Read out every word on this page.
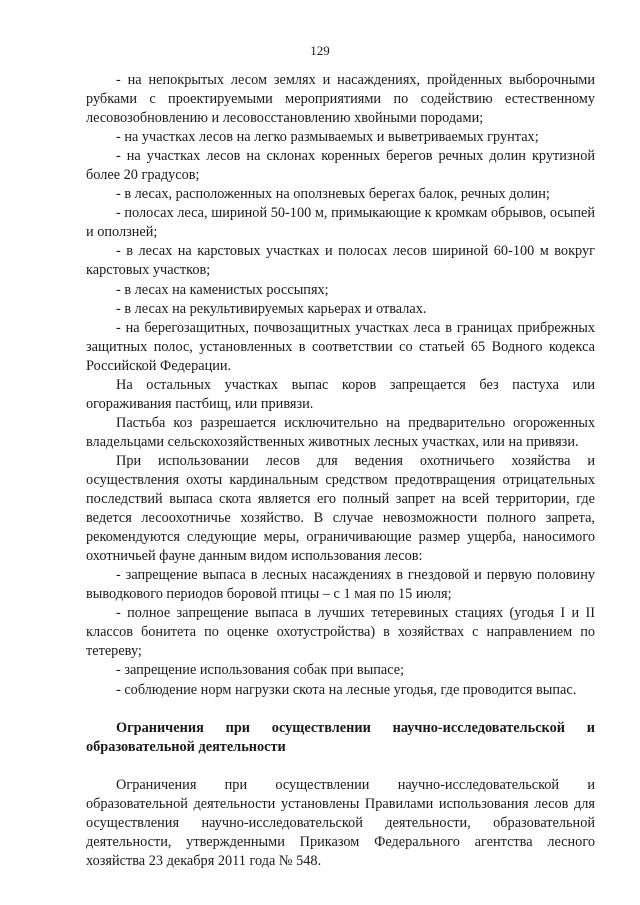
129

- на непокрытых лесом землях и насаждениях, пройденных выборочными рубками с проектируемыми мероприятиями по содействию естественному лесовозобновлению и лесовосстановлению хвойными породами;

- на участках лесов на легко размываемых и выветриваемых грунтах;

- на участках лесов на склонах коренных берегов речных долин крутизной более 20 градусов;

- в лесах, расположенных на оползневых берегах балок, речных долин;

- полосах леса, шириной 50-100 м, примыкающие к кромкам обрывов, осыпей и оползней;

- в лесах на карстовых участках и полосах лесов шириной 60-100 м вокруг карстовых участков;

- в лесах на каменистых россыпях;

- в лесах на рекультивируемых карьерах и отвалах.

- на берегозащитных, почвозащитных участках леса в границах прибрежных защитных полос, установленных в соответствии со статьей 65 Водного кодекса Российской Федерации.

На остальных участках выпас коров запрещается без пастуха или огораживания пастбищ, или привязи.

Пастьба коз разрешается исключительно на предварительно огороженных владельцами сельскохозяйственных животных лесных участках, или на привязи.

При использовании лесов для ведения охотничьего хозяйства и осуществления охоты кардинальным средством предотвращения отрицательных последствий выпаса скота является его полный запрет на всей территории, где ведется лесоохотничье хозяйство. В случае невозможности полного запрета, рекомендуются следующие меры, ограничивающие размер ущерба, наносимого охотничьей фауне данным видом использования лесов:

- запрещение выпаса в лесных насаждениях в гнездовой и первую половину выводкового периодов боровой птицы – с 1 мая по 15 июля;

- полное запрещение выпаса в лучших тетеревиных стациях (угодья I и II классов бонитета по оценке охотустройства) в хозяйствах с направлением по тетереву;

- запрещение использования собак при выпасе;

- соблюдение норм нагрузки скота на лесные угодья, где проводится выпас.

Ограничения при осуществлении научно-исследовательской и образовательной деятельности

Ограничения при осуществлении научно-исследовательской и образовательной деятельности установлены Правилами использования лесов для осуществления научно-исследовательской деятельности, образовательной деятельности, утвержденными Приказом Федерального агентства лесного хозяйства 23 декабря 2011 года № 548.
